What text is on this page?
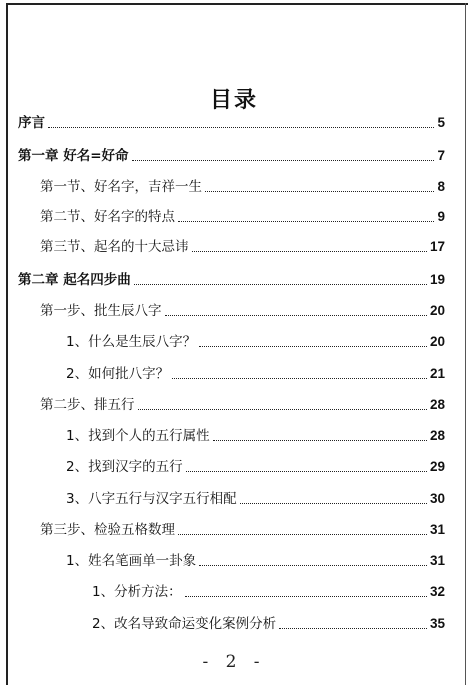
目录
序言	5
第一章 好名=好命	7
第一节、好名字，吉祥一生	8
第二节、好名字的特点	9
第三节、起名的十大忌讳	17
第二章 起名四步曲	19
第一步、批生辰八字	20
1、什么是生辰八字？	20
2、如何批八字？	21
第二步、排五行	28
1、找到个人的五行属性	28
2、找到汉字的五行	29
3、八字五行与汉字五行相配	30
第三步、检验五格数理	31
1、姓名笔画单一卦象	31
1、分析方法：	32
2、改名导致命运变化案例分析	35
- 2 -
